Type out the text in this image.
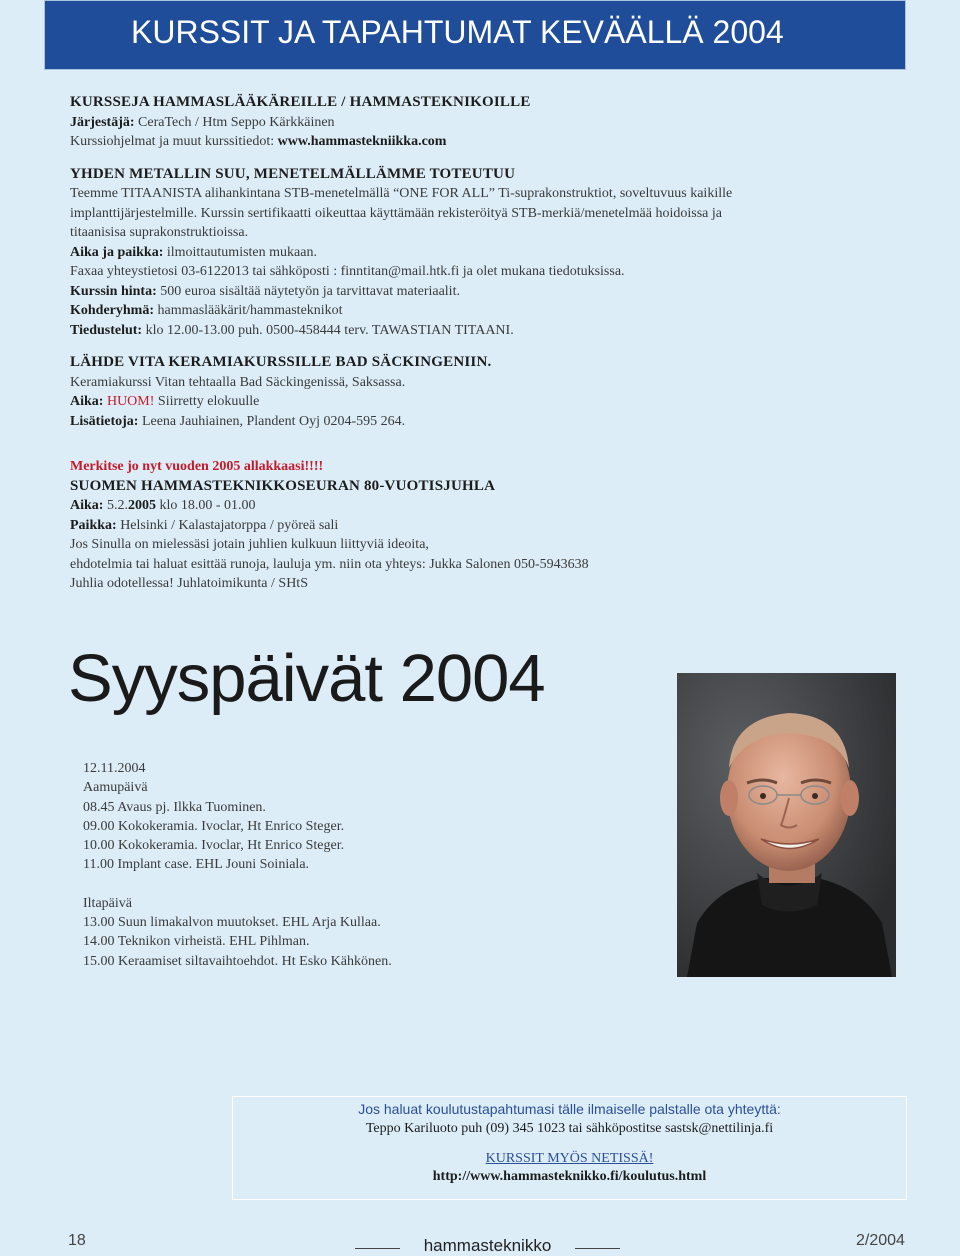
KURSSIT JA TAPAHTUMAT KEVÄÄLLÄ 2004
KURSSEJA HAMMASLÄÄKÄREILLE / HAMMASTEKNIKOILLE
Järjestäjä: CeraTech / Htm Seppo Kärkkäinen
Kurssiohjelmat ja muut kurssitiedot: www.hammastekniikka.com
YHDEN METALLIN SUU, MENETELMÄLLÄMME TOTEUTUU
Teemme TITAANISTA alihankintana STB-menetelmällä “ONE FOR ALL” Ti-suprakonstruktiot, soveltuvuus kaikille
implanttijärjestelmille. Kurssin sertifikaatti oikeuttaa käyttämään rekisteröityä STB-merkiä/menetelmää hoidoissa ja
titaanisisa suprakonstruktioissa.
Aika ja paikka: ilmoittautumisten mukaan.
Faxaa yhteystietosi 03-6122013 tai sähköposti : finntitan@mail.htk.fi ja olet mukana tiedotuksissa.
Kurssin hinta: 500 euroa sisältää näytetyön ja tarvittavat materiaalit.
Kohderyhmä: hammaslääkärit/hammasteknikot
Tiedustelut: klo 12.00-13.00 puh. 0500-458444 terv. TAWASTIAN TITAANI.
LÄHDE VITA KERAMIAKURSSILLE BAD SÄCKINGENIIN.
Keramiakurssi Vitan tehtaalla Bad Säckingenissä, Saksassa.
Aika: HUOM! Siirretty elokuulle
Lisätietoja: Leena Jauhiainen, Plandent Oyj 0204-595 264.
Merkitse jo nyt vuoden 2005 allakkaasi!!!!
SUOMEN HAMMASTEKNIKKOSEURAN 80-VUOTISJUHLA
Aika: 5.2.2005 klo 18.00 - 01.00
Paikka: Helsinki / Kalastajatorppa / pyöreä sali
Jos Sinulla on mielessäsi jotain juhlien kulkuun liittyviä ideoita,
ehdotelmia tai haluat esittää runoja, lauluja ym. niin ota yhteys: Jukka Salonen 050-5943638
Juhlia odotellessa! Juhlatoimikunta / SHtS
Syyspäivät 2004
12.11.2004
Aamupäivä
08.45 Avaus pj. Ilkka Tuominen.
09.00 Kokokeramia. Ivoclar, Ht Enrico Steger.
10.00 Kokokeramia. Ivoclar, Ht Enrico Steger.
11.00 Implant case. EHL Jouni Soiniala.
Iltapäivä
13.00 Suun limakalvon muutokset. EHL Arja Kullaa.
14.00 Teknikon virheistä. EHL Pihlman.
15.00 Keraamiset siltavaihtoehdot. Ht Esko Kähkönen.
Jos haluat koulutustapahtumasi tälle ilmaiselle palstalle ota yhteyttä:
Teppo Kariluoto puh (09) 345 1023 tai sähköpostitse sastsk@nettilinja.fi
KURSSIT MYÖS NETISSÄ!
http://www.hammasteknikko.fi/koulutus.html
18	hammasteknikko	2/2004
